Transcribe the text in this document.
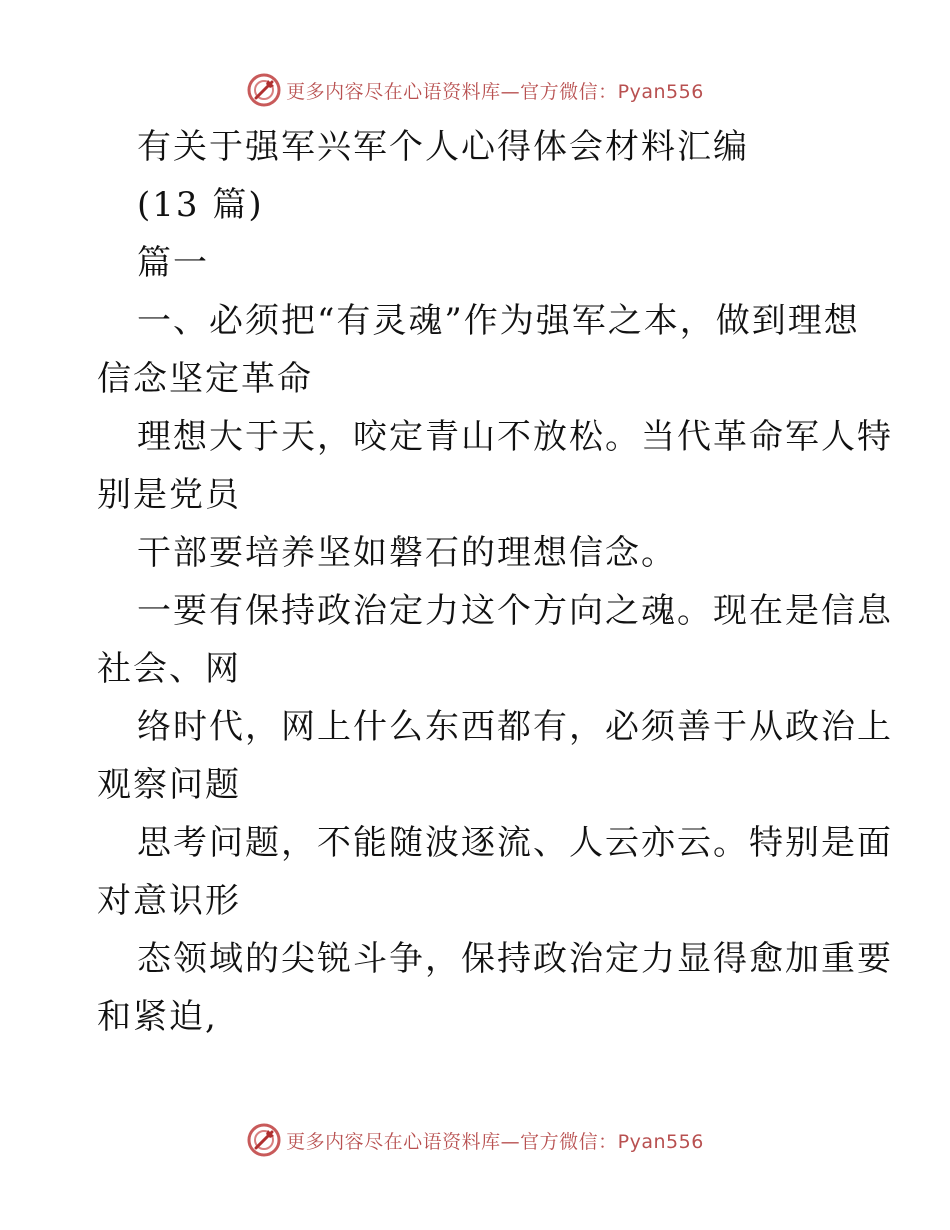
更多内容尽在心语资料库—官方微信：Pyan556
有关于强军兴军个人心得体会材料汇编
(13 篇)
篇一
一、必须把“有灵魂”作为强军之本，做到理想
信念坚定革命
理想大于天，咬定青山不放松。当代革命军人特
别是党员
干部要培养坚如磐石的理想信念。
一要有保持政治定力这个方向之魂。现在是信息
社会、网
络时代，网上什么东西都有，必须善于从政治上
观察问题
思考问题，不能随波逐流、人云亦云。特别是面
对意识形
态领域的尖锐斗争，保持政治定力显得愈加重要
和紧迫,
更多内容尽在心语资料库—官方微信：Pyan556
